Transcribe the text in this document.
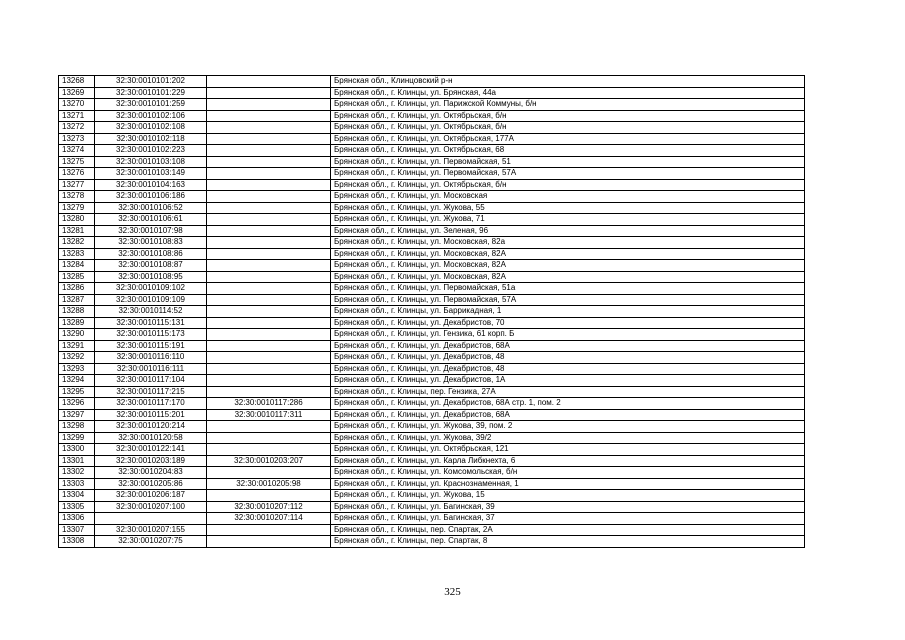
13268	32:30:0010101:202		Брянская обл., Клинцовский р-н
13269	32:30:0010101:229		Брянская обл., г. Клинцы, ул. Брянская, 44а
13270	32:30:0010101:259		Брянская обл., г. Клинцы, ул. Парижской Коммуны, б/н
13271	32:30:0010102:106		Брянская обл., г. Клинцы, ул. Октябрьская, б/н
13272	32:30:0010102:108		Брянская обл., г. Клинцы, ул. Октябрьская, б/н
13273	32:30:0010102:118		Брянская обл., г. Клинцы, ул. Октябрьская, 177А
13274	32:30:0010102:223		Брянская обл., г. Клинцы, ул. Октябрьская, 68
13275	32:30:0010103:108		Брянская обл., г. Клинцы, ул. Первомайская, 51
13276	32:30:0010103:149		Брянская обл., г. Клинцы, ул. Первомайская, 57А
13277	32:30:0010104:163		Брянская обл., г. Клинцы, ул. Октябрьская, б/н
13278	32:30:0010106:186		Брянская обл., г. Клинцы, ул. Московская
13279	32:30:0010106:52		Брянская обл., г. Клинцы, ул. Жукова, 55
13280	32:30:0010106:61		Брянская обл., г. Клинцы, ул. Жукова, 71
13281	32:30:0010107:98		Брянская обл., г. Клинцы, ул. Зеленая, 96
13282	32:30:0010108:83		Брянская обл., г. Клинцы, ул. Московская, 82а
13283	32:30:0010108:86		Брянская обл., г. Клинцы, ул. Московская, 82А
13284	32:30:0010108:87		Брянская обл., г. Клинцы, ул. Московская, 82А
13285	32:30:0010108:95		Брянская обл., г. Клинцы, ул. Московская, 82А
13286	32:30:0010109:102		Брянская обл., г. Клинцы, ул. Первомайская, 51а
13287	32:30:0010109:109		Брянская обл., г. Клинцы, ул. Первомайская, 57А
13288	32:30:0010114:52		Брянская обл., г. Клинцы, ул. Баррикадная, 1
13289	32:30:0010115:131		Брянская обл., г. Клинцы, ул. Декабристов, 70
13290	32:30:0010115:173		Брянская обл., г. Клинцы, ул. Гензика, 61 корп. Б
13291	32:30:0010115:191		Брянская обл., г. Клинцы, ул. Декабристов, 68А
13292	32:30:0010116:110		Брянская обл., г. Клинцы, ул. Декабристов, 48
13293	32:30:0010116:111		Брянская обл., г. Клинцы, ул. Декабристов, 48
13294	32:30:0010117:104		Брянская обл., г. Клинцы, ул. Декабристов, 1А
13295	32:30:0010117:215		Брянская обл., г. Клинцы, пер. Гензика, 27А
13296	32:30:0010117:170	32:30:0010117:286	Брянская обл., г. Клинцы, ул. Декабристов, 68А стр. 1, пом. 2
13297	32:30:0010115:201	32:30:0010117:311	Брянская обл., г. Клинцы, ул. Декабристов, 68А
13298	32:30:0010120:214		Брянская обл., г. Клинцы, ул. Жукова, 39, пом. 2
13299	32:30:0010120:58		Брянская обл., г. Клинцы, ул. Жукова, 39/2
13300	32:30:0010122:141		Брянская обл., г. Клинцы, ул. Октябрьская, 121
13301	32:30:0010203:189	32:30:0010203:207	Брянская обл., г. Клинцы, ул. Карла Либкнехта, 6
13302	32:30:0010204:83		Брянская обл., г. Клинцы, ул. Комсомольская, б/н
13303	32:30:0010205:86	32:30:0010205:98	Брянская обл., г. Клинцы, ул. Краснознаменная, 1
13304	32:30:0010206:187		Брянская обл., г. Клинцы, ул. Жукова, 15
13305	32:30:0010207:100	32:30:0010207:112	Брянская обл., г. Клинцы, ул. Багинская, 39
13306		32:30:0010207:114	Брянская обл., г. Клинцы, ул. Багинская, 37
13307	32:30:0010207:155		Брянская обл., г. Клинцы, пер. Спартак, 2А
13308	32:30:0010207:75		Брянская обл., г. Клинцы, пер. Спартак, 8
325
